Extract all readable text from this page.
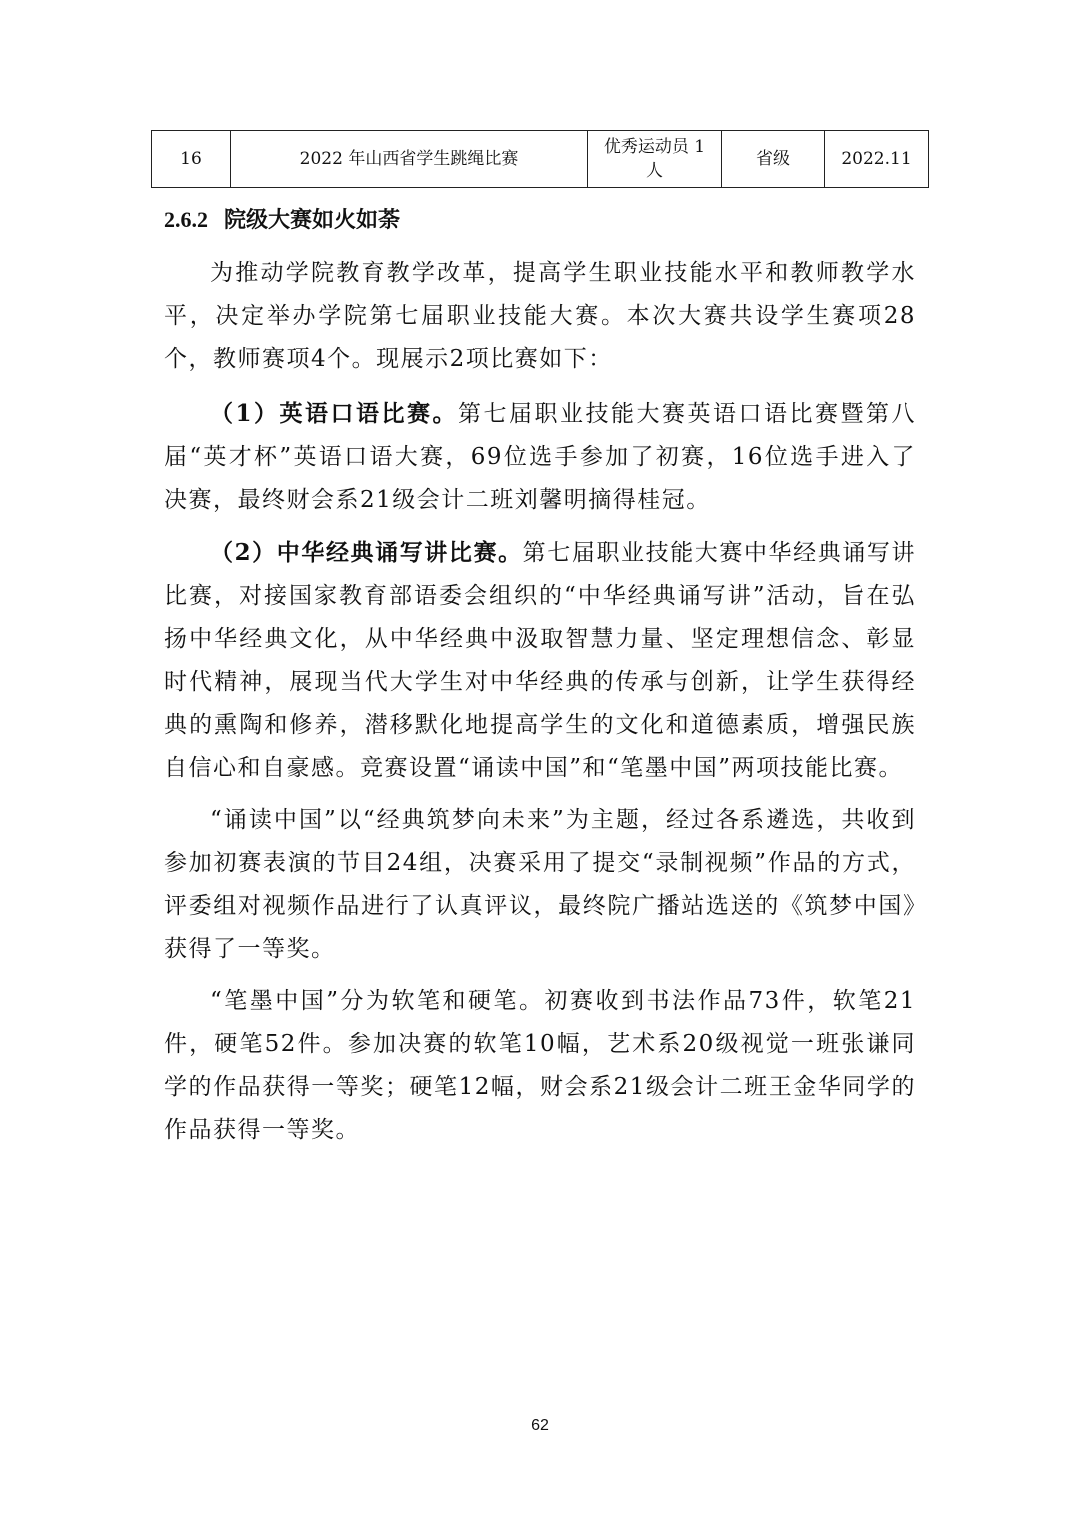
16	2022 年山西省学生跳绳比赛	优秀运动员 1 人	省级	2022.11
2.6.2 院级大赛如火如荼

为推动学院教育教学改革，提高学生职业技能水平和教师教学水平，决定举办学院第七届职业技能大赛。本次大赛共设学生赛项28个，教师赛项4个。现展示2项比赛如下：

（1）英语口语比赛。第七届职业技能大赛英语口语比赛暨第八届“英才杯”英语口语大赛，69位选手参加了初赛，16位选手进入了决赛，最终财会系21级会计二班刘馨明摘得桂冠。

（2）中华经典诵写讲比赛。第七届职业技能大赛中华经典诵写讲比赛，对接国家教育部语委会组织的“中华经典诵写讲”活动，旨在弘扬中华经典文化，从中华经典中汲取智慧力量、坚定理想信念、彰显时代精神，展现当代大学生对中华经典的传承与创新，让学生获得经典的熏陶和修养，潜移默化地提高学生的文化和道德素质，增强民族自信心和自豪感。竞赛设置“诵读中国”和“笔墨中国”两项技能比赛。

“诵读中国”以“经典筑梦向未来”为主题，经过各系遴选，共收到参加初赛表演的节目24组，决赛采用了提交“录制视频”作品的方式，评委组对视频作品进行了认真评议，最终院广播站选送的《筑梦中国》获得了一等奖。

“笔墨中国”分为软笔和硬笔。初赛收到书法作品73件，软笔21件，硬笔52件。参加决赛的软笔10幅，艺术系20级视觉一班张谦同学的作品获得一等奖；硬笔12幅，财会系21级会计二班王金华同学的作品获得一等奖。

62
